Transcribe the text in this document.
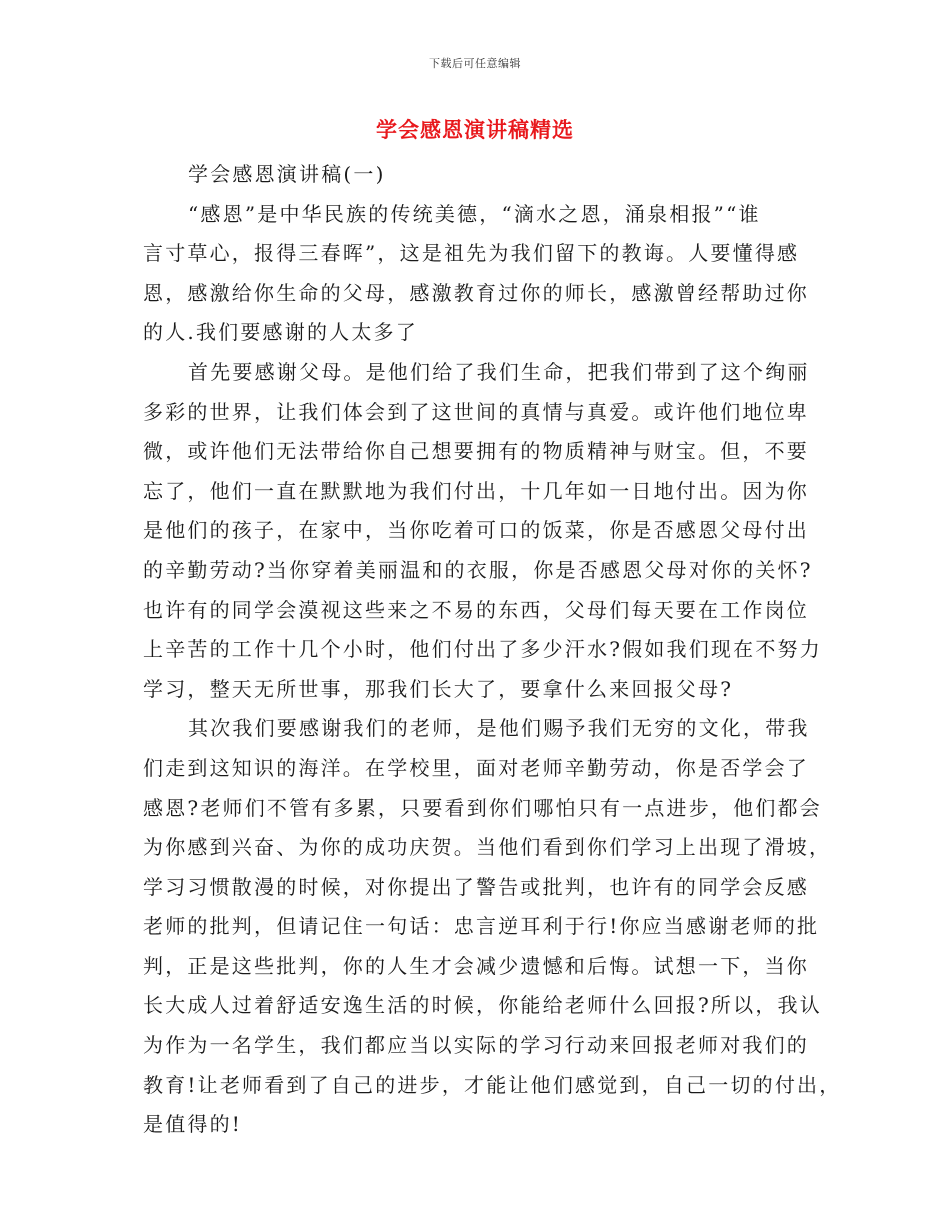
下载后可任意编辑
学会感恩演讲稿精选
学会感恩演讲稿(一)
“感恩”是中华民族的传统美德，“滴水之恩，涌泉相报”“谁
言寸草心，报得三春晖”，这是祖先为我们留下的教诲。人要懂得感
恩，感激给你生命的父母，感激教育过你的师长，感激曾经帮助过你
的人.我们要感谢的人太多了
首先要感谢父母。是他们给了我们生命，把我们带到了这个绚丽
多彩的世界，让我们体会到了这世间的真情与真爱。或许他们地位卑
微，或许他们无法带给你自己想要拥有的物质精神与财宝。但，不要
忘了，他们一直在默默地为我们付出，十几年如一日地付出。因为你
是他们的孩子，在家中，当你吃着可口的饭菜，你是否感恩父母付出
的辛勤劳动?当你穿着美丽温和的衣服，你是否感恩父母对你的关怀?
也许有的同学会漠视这些来之不易的东西，父母们每天要在工作岗位
上辛苦的工作十几个小时，他们付出了多少汗水?假如我们现在不努力
学习，整天无所世事，那我们长大了，要拿什么来回报父母?
其次我们要感谢我们的老师，是他们赐予我们无穷的文化，带我
们走到这知识的海洋。在学校里，面对老师辛勤劳动，你是否学会了
感恩?老师们不管有多累，只要看到你们哪怕只有一点进步，他们都会
为你感到兴奋、为你的成功庆贺。当他们看到你们学习上出现了滑坡，
学习习惯散漫的时候，对你提出了警告或批判，也许有的同学会反感
老师的批判，但请记住一句话：忠言逆耳利于行!你应当感谢老师的批
判，正是这些批判，你的人生才会减少遗憾和后悔。试想一下，当你
长大成人过着舒适安逸生活的时候，你能给老师什么回报?所以，我认
为作为一名学生，我们都应当以实际的学习行动来回报老师对我们的
教育!让老师看到了自己的进步，才能让他们感觉到，自己一切的付出，
是值得的!
